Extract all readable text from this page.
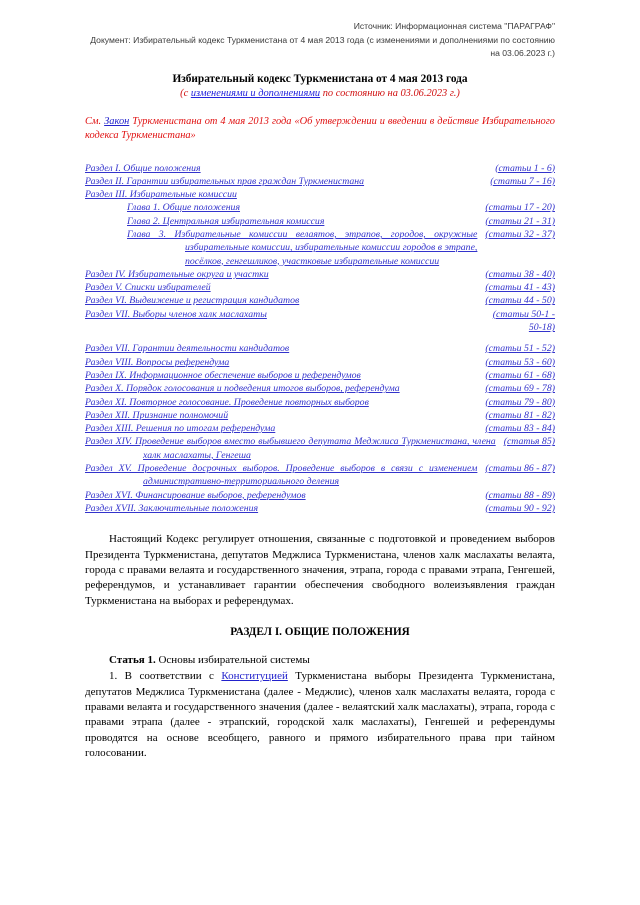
Источник: Информационная система "ПАРАГРАФ"
Документ: Избирательный кодекс Туркменистана от 4 мая 2013 года (с изменениями и дополнениями по состоянию на 03.06.2023 г.)
Избирательный кодекс Туркменистана от 4 мая 2013 года
(с изменениями и дополнениями по состоянию на 03.06.2023 г.)
См. Закон Туркменистана от 4 мая 2013 года «Об утверждении и введении в действие Избирательного кодекса Туркменистана»
Раздел I. Общие положения	(статьи 1 - 6)
Раздел II. Гарантии избирательных прав граждан Туркменистана	(статьи 7 - 16)
Раздел III. Избирательные комиссии
Глава 1. Общие положения	(статьи 17 - 20)
Глава 2. Центральная избирательная комиссия	(статьи 21 - 31)
Глава 3. Избирательные комиссии велаятов, этрапов, городов, окружные избирательные комиссии, избирательные комиссии городов в этрапе, посёлков, генгешликов, участковые избирательные комиссии
(статьи 32 - 37)
Раздел IV. Избирательные округа и участки	(статьи 38 - 40)
Раздел V. Списки избирателей	(статьи 41 - 43)
Раздел VI. Выдвижение и регистрация кандидатов	(статьи 44 - 50)
Раздел VII. Выборы членов халк маслахаты	(статьи 50-1 - 50-18)
Раздел VII. Гарантии деятельности кандидатов	(статьи 51 - 52)
Раздел VIII. Вопросы референдума	(статьи 53 - 60)
Раздел IX. Информационное обеспечение выборов и референдумов	(статьи 61 - 68)
Раздел X. Порядок голосования и подведения итогов выборов, референдума	(статьи 69 - 78)
Раздел XI. Повторное голосование. Проведение повторных выборов	(статьи 79 - 80)
Раздел XII. Признание полномочий	(статьи 81 - 82)
Раздел XIII. Решения по итогам референдума	(статьи 83 - 84)
Раздел XIV. Проведение выборов вместо выбывшего депутата Меджлиса Туркменистана, члена халк маслахаты, Генгеша
(статья 85)
Раздел XV. Проведение досрочных выборов. Проведение выборов в связи с изменением административно-территориального деления
(статьи 86 - 87)
Раздел XVI. Финансирование выборов, референдумов	(статьи 88 - 89)
Раздел XVII. Заключительные положения	(статьи 90 - 92)
Настоящий Кодекс регулирует отношения, связанные с подготовкой и проведением выборов Президента Туркменистана, депутатов Меджлиса Туркменистана, членов халк маслахаты велаята, города с правами велаята и государственного значения, этрапа, города с правами этрапа, Генгешей, референдумов, и устанавливает гарантии обеспечения свободного волеизъявления граждан Туркменистана на выборах и референдумах.
РАЗДЕЛ I. ОБЩИЕ ПОЛОЖЕНИЯ
Статья 1. Основы избирательной системы
1. В соответствии с Конституцией Туркменистана выборы Президента Туркменистана, депутатов Меджлиса Туркменистана (далее - Меджлис), членов халк маслахаты велаята, города с правами велаята и государственного значения (далее - велаятский халк маслахаты), этрапа, города с правами этрапа (далее - этрапский, городской халк маслахаты), Генгешей и референдумы проводятся на основе всеобщего, равного и прямого избирательного права при тайном голосовании.
